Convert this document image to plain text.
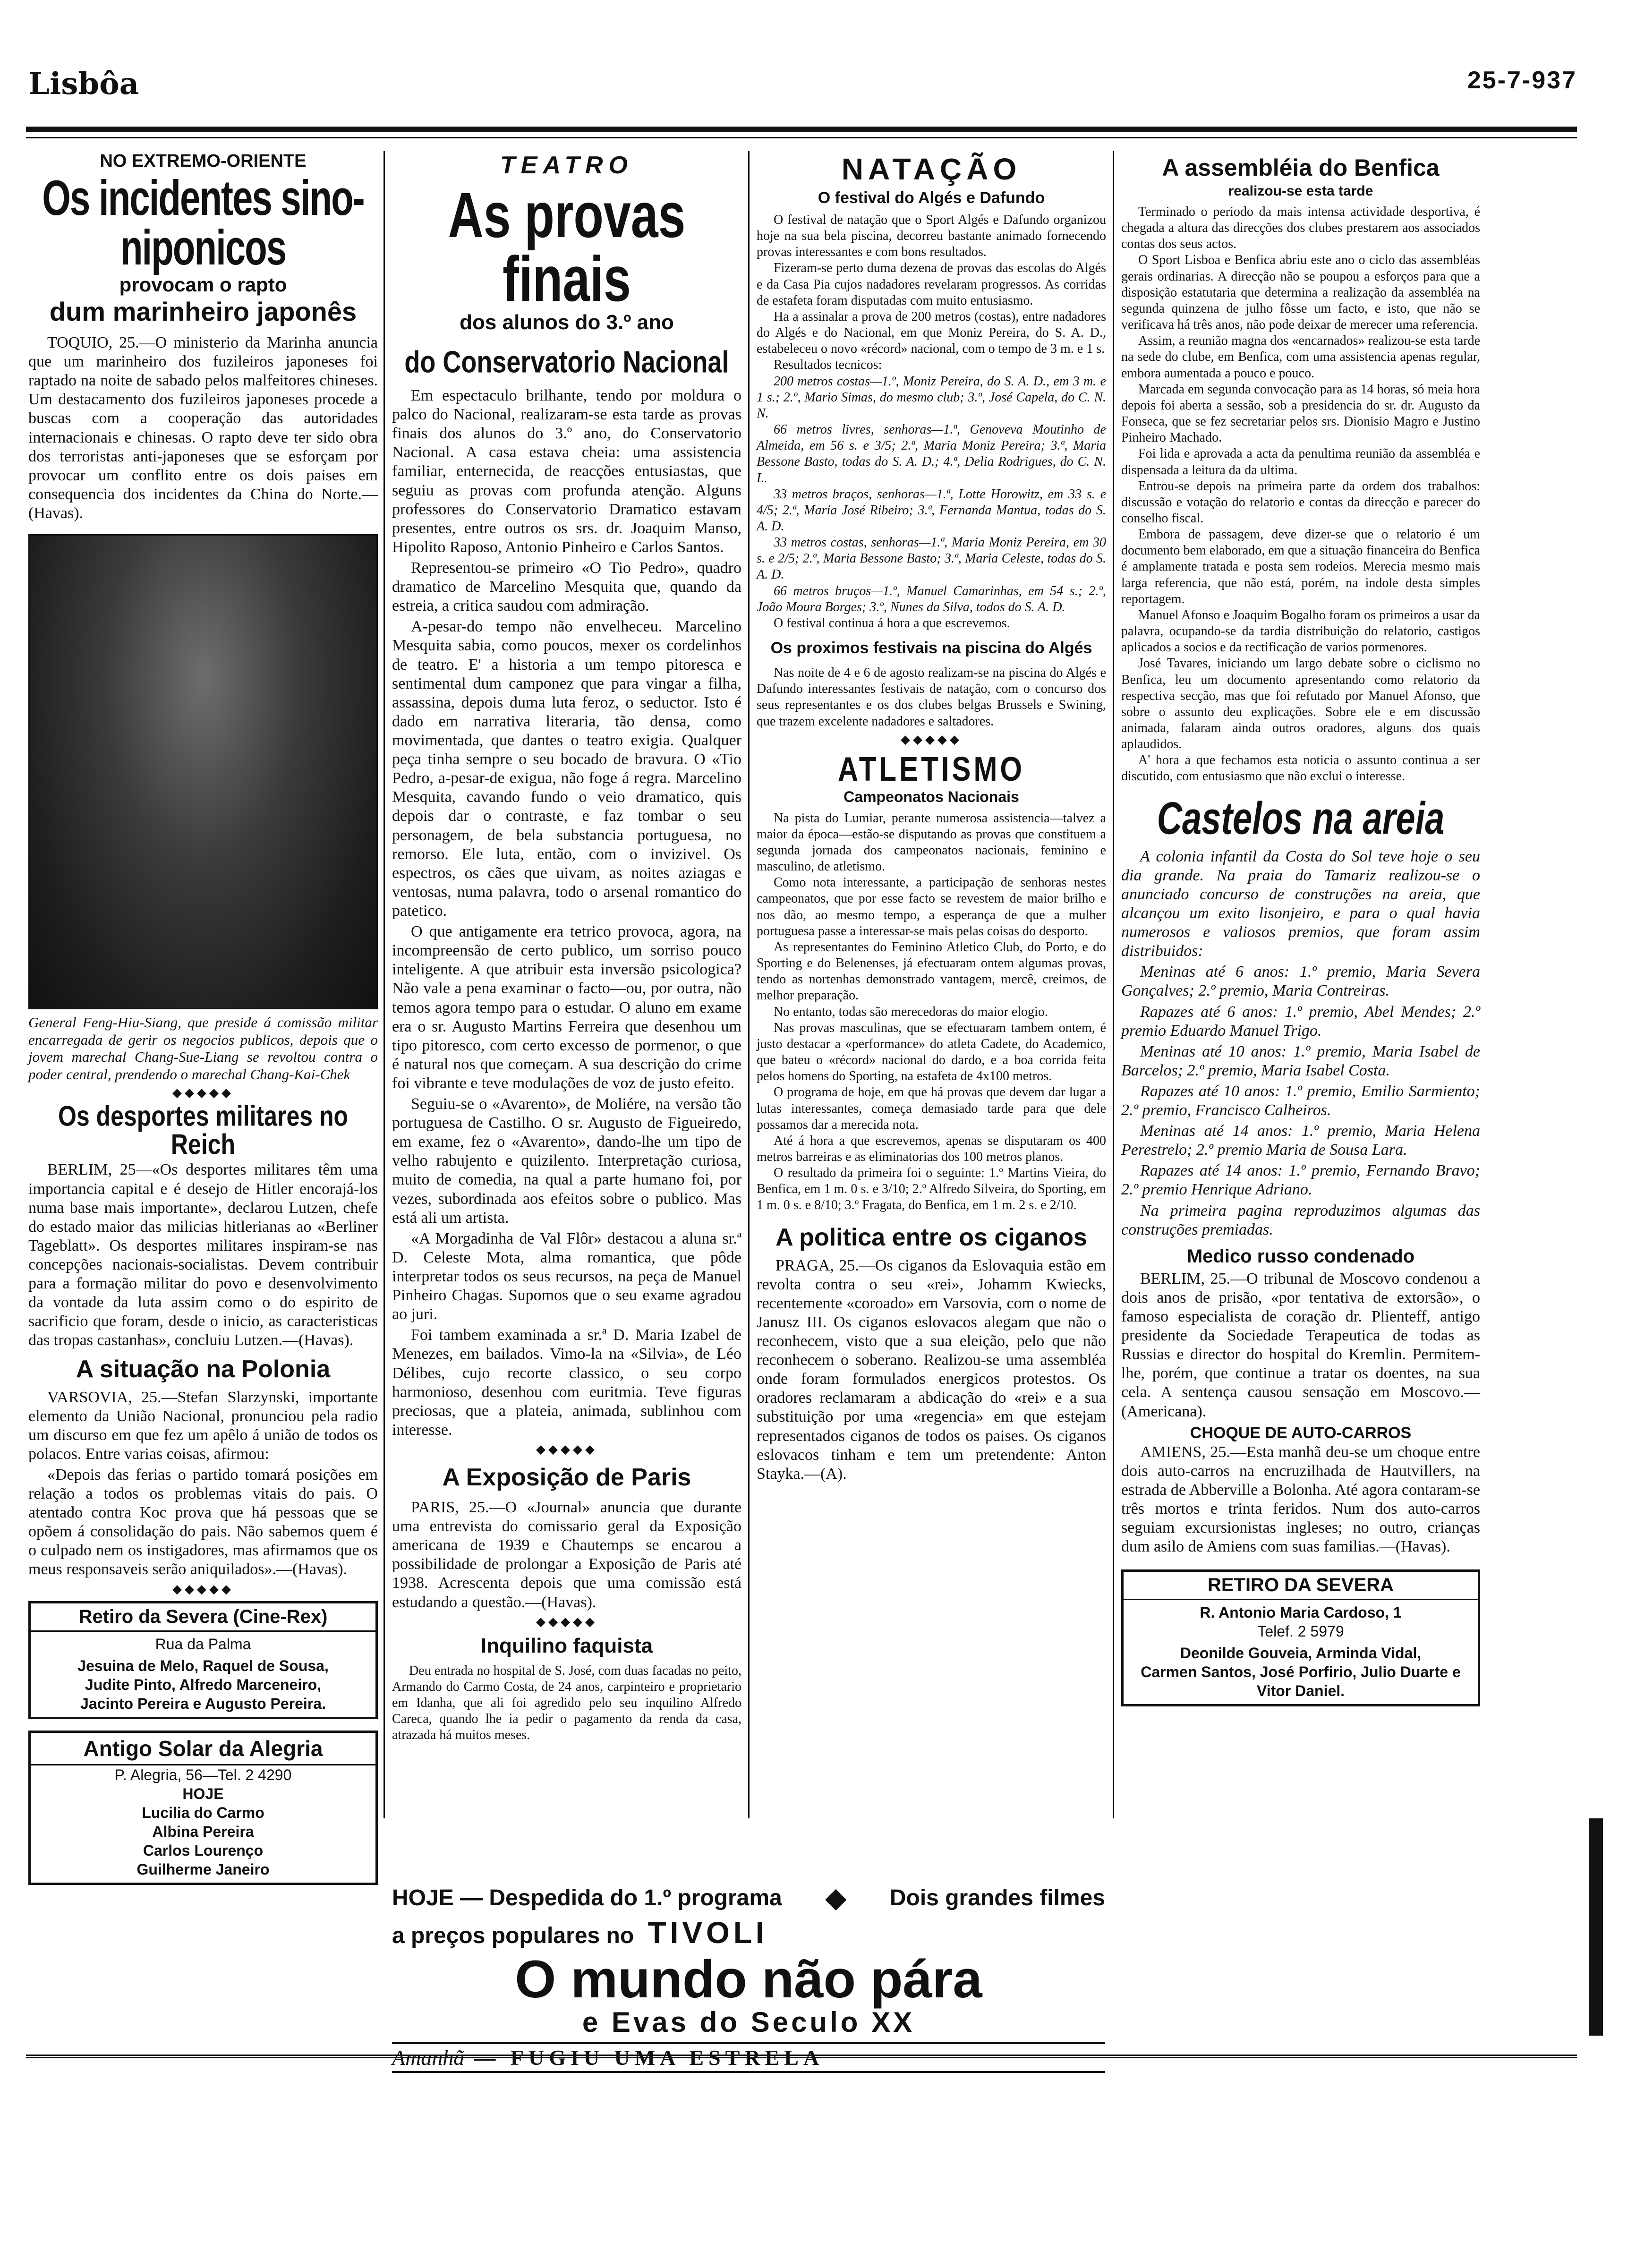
Lisbôa	25-7-937
NO EXTREMO-ORIENTE
Os incidentes sino-niponicos
provocam o rapto
dum marinheiro japonês

TOQUIO, 25.—O ministerio da Marinha anuncia que um marinheiro dos fuzileiros japoneses foi raptado na noite de sabado pelos malfeitores chineses. Um destacamento dos fuzileiros japoneses procede a buscas com a cooperação das autoridades internacionais e chinesas. O rapto deve ter sido obra dos terroristas anti-japoneses que se esforçam por provocar um conflito entre os dois paises em consequencia dos incidentes da China do Norte.—(Havas).

General Feng-Hiu-Siang, que preside á comissão militar encarregada de gerir os negocios publicos, depois que o jovem marechal Chang-Sue-Liang se revoltou contra o poder central, prendendo o marechal Chang-Kai-Chek
◆◆◆◆◆
Os desportes militares no Reich

BERLIM, 25—«Os desportes militares têm uma importancia capital e é desejo de Hitler encorajá-los numa base mais importante», declarou Lutzen, chefe do estado maior das milicias hitlerianas ao «Berliner Tageblatt». Os desportes militares inspiram-se nas concepções nacionais-socialistas. Devem contribuir para a formação militar do povo e desenvolvimento da vontade da luta assim como o do espirito de sacrificio que foram, desde o inicio, as caracteristicas das tropas castanhas», concluiu Lutzen.—(Havas).

A situação na Polonia

VARSOVIA, 25.—Stefan Slarzynski, importante elemento da União Nacional, pronunciou pela radio um discurso em que fez um apêlo á união de todos os polacos. Entre varias coisas, afirmou:

«Depois das ferias o partido tomará posições em relação a todos os problemas vitais do pais. O atentado contra Koc prova que há pessoas que se opõem á consolidação do pais. Não sabemos quem é o culpado nem os instigadores, mas afirmamos que os meus responsaveis serão aniquilados».—(Havas).

◆◆◆◆◆
Retiro da Severa (Cine-Rex)
Rua da Palma
Jesuina de Melo, Raquel de Sousa,
Judite Pinto, Alfredo Marceneiro,
Jacinto Pereira e Augusto Pereira.
Antigo Solar da Alegria
P. Alegria, 56—Tel. 2 4290
HOJE
Lucilia do Carmo
Albina Pereira
Carlos Lourenço
Guilherme Janeiro
TEATRO
As provas finais
dos alunos do 3.º ano
do Conservatorio Nacional

Em espectaculo brilhante, tendo por moldura o palco do Nacional, realizaram-se esta tarde as provas finais dos alunos do 3.º ano, do Conservatorio Nacional. A casa estava cheia: uma assistencia familiar, enternecida, de reacções entusiastas, que seguiu as provas com profunda atenção. Alguns professores do Conservatorio Dramatico estavam presentes, entre outros os srs. dr. Joaquim Manso, Hipolito Raposo, Antonio Pinheiro e Carlos Santos.

Representou-se primeiro «O Tio Pedro», quadro dramatico de Marcelino Mesquita que, quando da estreia, a critica saudou com admiração.

A-pesar-do tempo não envelheceu. Marcelino Mesquita sabia, como poucos, mexer os cordelinhos de teatro. E' a historia a um tempo pitoresca e sentimental dum camponez que para vingar a filha, assassina, depois duma luta feroz, o seductor. Isto é dado em narrativa literaria, tão densa, como movimentada, que dantes o teatro exigia. Qualquer peça tinha sempre o seu bocado de bravura. O «Tio Pedro, a-pesar-de exigua, não foge á regra. Marcelino Mesquita, cavando fundo o veio dramatico, quis depois dar o contraste, e faz tombar o seu personagem, de bela substancia portuguesa, no remorso. Ele luta, então, com o invizivel. Os espectros, os cães que uivam, as noites aziagas e ventosas, numa palavra, todo o arsenal romantico do patetico.

O que antigamente era tetrico provoca, agora, na incompreensão de certo publico, um sorriso pouco inteligente. A que atribuir esta inversão psicologica? Não vale a pena examinar o facto—ou, por outra, não temos agora tempo para o estudar. O aluno em exame era o sr. Augusto Martins Ferreira que desenhou um tipo pitoresco, com certo excesso de pormenor, o que é natural nos que começam. A sua descrição do crime foi vibrante e teve modulações de voz de justo efeito.

Seguiu-se o «Avarento», de Moliére, na versão tão portuguesa de Castilho. O sr. Augusto de Figueiredo, em exame, fez o «Avarento», dando-lhe um tipo de velho rabujento e quizilento. Interpretação curiosa, muito de comedia, na qual a parte humano foi, por vezes, subordinada aos efeitos sobre o publico. Mas está ali um artista.

«A Morgadinha de Val Flôr» destacou a aluna sr.ª D. Celeste Mota, alma romantica, que pôde interpretar todos os seus recursos, na peça de Manuel Pinheiro Chagas. Supomos que o seu exame agradou ao juri.

Foi tambem examinada a sr.ª D. Maria Izabel de Menezes, em bailados. Vimo-la na «Silvia», de Léo Délibes, cujo recorte classico, o seu corpo harmonioso, desenhou com euritmia. Teve figuras preciosas, que a plateia, animada, sublinhou com interesse.

◆◆◆◆◆
A Exposição de Paris

PARIS, 25.—O «Journal» anuncia que durante uma entrevista do comissario geral da Exposição americana de 1939 e Chautemps se encarou a possibilidade de prolongar a Exposição de Paris até 1938. Acrescenta depois que uma comissão está estudando a questão.—(Havas).

◆◆◆◆◆
Inquilino faquista

Deu entrada no hospital de S. José, com duas facadas no peito, Armando do Carmo Costa, de 24 anos, carpinteiro e proprietario em Idanha, que ali foi agredido pelo seu inquilino Alfredo Careca, quando lhe ia pedir o pagamento da renda da casa, atrazada há muitos meses.

NATAÇÃO
O festival do Algés e Dafundo

O festival de natação que o Sport Algés e Dafundo organizou hoje na sua bela piscina, decorreu bastante animado fornecendo provas interessantes e com bons resultados.

Fizeram-se perto duma dezena de provas das escolas do Algés e da Casa Pia cujos nadadores revelaram progressos. As corridas de estafeta foram disputadas com muito entusiasmo.

Ha a assinalar a prova de 200 metros (costas), entre nadadores do Algés e do Nacional, em que Moniz Pereira, do S. A. D., estabeleceu o novo «récord» nacional, com o tempo de 3 m. e 1 s.

Resultados tecnicos:

200 metros costas—1.º, Moniz Pereira, do S. A. D., em 3 m. e 1 s.; 2.º, Mario Simas, do mesmo club; 3.º, José Capela, do C. N. N.

66 metros livres, senhoras—1.ª, Genoveva Moutinho de Almeida, em 56 s. e 3/5; 2.ª, Maria Moniz Pereira; 3.ª, Maria Bessone Basto, todas do S. A. D.; 4.ª, Delia Rodrigues, do C. N. L.

33 metros braços, senhoras—1.ª, Lotte Horowitz, em 33 s. e 4/5; 2.ª, Maria José Ribeiro; 3.ª, Fernanda Mantua, todas do S. A. D.

33 metros costas, senhoras—1.ª, Maria Moniz Pereira, em 30 s. e 2/5; 2.ª, Maria Bessone Basto; 3.ª, Maria Celeste, todas do S. A. D.

66 metros bruços—1.º, Manuel Camarinhas, em 54 s.; 2.º, João Moura Borges; 3.º, Nunes da Silva, todos do S. A. D.

O festival continua á hora a que escrevemos.

Os proximos festivais na piscina do Algés

Nas noite de 4 e 6 de agosto realizam-se na piscina do Algés e Dafundo interessantes festivais de natação, com o concurso dos seus representantes e os dos clubes belgas Brussels e Swining, que trazem excelente nadadores e saltadores.

◆◆◆◆◆
ATLETISMO
Campeonatos Nacionais

Na pista do Lumiar, perante numerosa assistencia—talvez a maior da época—estão-se disputando as provas que constituem a segunda jornada dos campeonatos nacionais, feminino e masculino, de atletismo.

Como nota interessante, a participação de senhoras nestes campeonatos, que por esse facto se revestem de maior brilho e nos dão, ao mesmo tempo, a esperança de que a mulher portuguesa passe a interessar-se mais pelas coisas do desporto.

As representantes do Feminino Atletico Club, do Porto, e do Sporting e do Belenenses, já efectuaram ontem algumas provas, tendo as nortenhas demonstrado vantagem, mercê, creimos, de melhor preparação.

No entanto, todas são merecedoras do maior elogio.

Nas provas masculinas, que se efectuaram tambem ontem, é justo destacar a «performance» do atleta Cadete, do Academico, que bateu o «récord» nacional do dardo, e a boa corrida feita pelos homens do Sporting, na estafeta de 4x100 metros.

O programa de hoje, em que há provas que devem dar lugar a lutas interessantes, começa demasiado tarde para que dele possamos dar a merecida nota.

Até á hora a que escrevemos, apenas se disputaram os 400 metros barreiras e as eliminatorias dos 100 metros planos.

O resultado da primeira foi o seguinte: 1.º Martins Vieira, do Benfica, em 1 m. 0 s. e 3/10; 2.º Alfredo Silveira, do Sporting, em 1 m. 0 s. e 8/10; 3.º Fragata, do Benfica, em 1 m. 2 s. e 2/10.

A politica entre os ciganos

PRAGA, 25.—Os ciganos da Eslovaquia estão em revolta contra o seu «rei», Johamm Kwiecks, recentemente «coroado» em Varsovia, com o nome de Janusz III. Os ciganos eslovacos alegam que não o reconhecem, visto que a sua eleição, pelo que não reconhecem o soberano. Realizou-se uma assembléa onde foram formulados energicos protestos. Os oradores reclamaram a abdicação do «rei» e a sua substituição por uma «regencia» em que estejam representados ciganos de todos os paises. Os ciganos eslovacos tinham e tem um pretendente: Anton Stayka.—(A).

A assembléia do Benfica
realizou-se esta tarde

Terminado o periodo da mais intensa actividade desportiva, é chegada a altura das direcções dos clubes prestarem aos associados contas dos seus actos.

O Sport Lisboa e Benfica abriu este ano o ciclo das assembléas gerais ordinarias. A direcção não se poupou a esforços para que a disposição estatutaria que determina a realização da assembléa na segunda quinzena de julho fôsse um facto, e isto, que não se verificava há três anos, não pode deixar de merecer uma referencia.

Assim, a reunião magna dos «encarnados» realizou-se esta tarde na sede do clube, em Benfica, com uma assistencia apenas regular, embora aumentada a pouco e pouco.

Marcada em segunda convocação para as 14 horas, só meia hora depois foi aberta a sessão, sob a presidencia do sr. dr. Augusto da Fonseca, que se fez secretariar pelos srs. Dionisio Magro e Justino Pinheiro Machado.

Foi lida e aprovada a acta da penultima reunião da assembléa e dispensada a leitura da da ultima.

Entrou-se depois na primeira parte da ordem dos trabalhos: discussão e votação do relatorio e contas da direcção e parecer do conselho fiscal.

Embora de passagem, deve dizer-se que o relatorio é um documento bem elaborado, em que a situação financeira do Benfica é amplamente tratada e posta sem rodeios. Merecia mesmo mais larga referencia, que não está, porém, na indole desta simples reportagem.

Manuel Afonso e Joaquim Bogalho foram os primeiros a usar da palavra, ocupando-se da tardia distribuição do relatorio, castigos aplicados a socios e da rectificação de varios pormenores.

José Tavares, iniciando um largo debate sobre o ciclismo no Benfica, leu um documento apresentando como relatorio da respectiva secção, mas que foi refutado por Manuel Afonso, que sobre o assunto deu explicações. Sobre ele e em discussão animada, falaram ainda outros oradores, alguns dos quais aplaudidos.

A' hora a que fechamos esta noticia o assunto continua a ser discutido, com entusiasmo que não exclui o interesse.

Castelos na areia

A colonia infantil da Costa do Sol teve hoje o seu dia grande. Na praia do Tamariz realizou-se o anunciado concurso de construções na areia, que alcançou um exito lisonjeiro, e para o qual havia numerosos e valiosos premios, que foram assim distribuidos:

Meninas até 6 anos: 1.º premio, Maria Severa Gonçalves; 2.º premio, Maria Contreiras.

Rapazes até 6 anos: 1.º premio, Abel Mendes; 2.º premio Eduardo Manuel Trigo.

Meninas até 10 anos: 1.º premio, Maria Isabel de Barcelos; 2.º premio, Maria Isabel Costa.

Rapazes até 10 anos: 1.º premio, Emilio Sarmiento; 2.º premio, Francisco Calheiros.

Meninas até 14 anos: 1.º premio, Maria Helena Perestrelo; 2.º premio Maria de Sousa Lara.

Rapazes até 14 anos: 1.º premio, Fernando Bravo; 2.º premio Henrique Adriano.

Na primeira pagina reproduzimos algumas das construções premiadas.

Medico russo condenado

BERLIM, 25.—O tribunal de Moscovo condenou a dois anos de prisão, «por tentativa de extorsão», o famoso especialista de coração dr. Plienteff, antigo presidente da Sociedade Terapeutica de todas as Russias e director do hospital do Kremlin. Permitem-lhe, porém, que continue a tratar os doentes, na sua cela. A sentença causou sensação em Moscovo.—(Americana).

CHOQUE DE AUTO-CARROS

AMIENS, 25.—Esta manhã deu-se um choque entre dois auto-carros na encruzilhada de Hautvillers, na estrada de Abberville a Bolonha. Até agora contaram-se três mortos e trinta feridos. Num dos auto-carros seguiam excursionistas ingleses; no outro, crianças dum asilo de Amiens com suas familias.—(Havas).

RETIRO DA SEVERA
R. Antonio Maria Cardoso, 1
Telef. 2 5979
Deonilde Gouveia, Arminda Vidal,
Carmen Santos, José Porfirio, Julio Duarte e Vitor Daniel.
HOJE — Despedida do 1.º programa ◆ Dois grandes filmes
a preços populares no TIVOLI
O mundo não pára
e Evas do Seculo XX
Amanhã — FUGIU UMA ESTRELA
